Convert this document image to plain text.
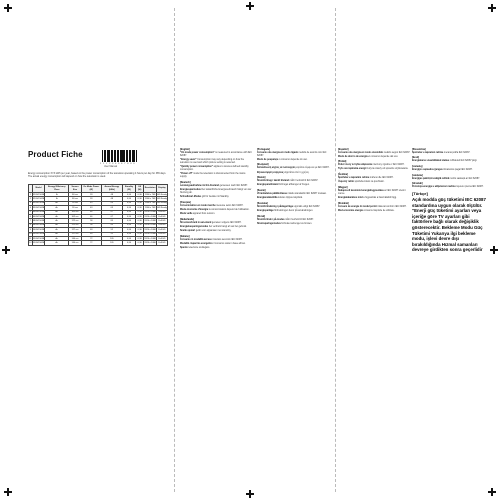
Product Fiche
1 1 1 2 3 4 5 6 7 8 9 0
User Manual
Energy consumption XYZ kWh per year, based on the power consumption of the television operating 4 hours per day for 365 days. The actual energy consumption will depend on how the television is used.
	Model	Energy Efficiency Class	Screen Size	On Mode Power (W)	Annual Energy (kWh)	Standby (W)	Off (W)	Resolution	Display
1	32GV1501B	A	80 cm	33	48	0,50	0,30	1366 x 768	HD Ready
2	32GV1502B	A	80 cm	33	48	0,50	0,30	1366 x 768	HD Ready
3	39GV1501B	A+	99 cm	43	63	0,50	0,30	1366 x 768	HD Ready
4	39GV1502B	A+	99 cm	43	63	0,50	0,30	1366 x 768	HD Ready
5	40GV1501B	A+	102 cm	46	67	0,50	0,30	1920 x 1080	Full HD
6	40GV1502B	A+	102 cm	46	67	0,50	0,30	1920 x 1080	Full HD
7	48GV1501B	A+	122 cm	58	85	0,50	0,30	1920 x 1080	Full HD
8	48GV1502B	A+	122 cm	58	85	0,50	0,30	1920 x 1080	Full HD
9	50GV1501B	A+	127 cm	63	92	0,50	0,30	1920 x 1080	Full HD
10	50GV1502B	A+	127 cm	63	92	0,50	0,30	1920 x 1080	Full HD
11	55GV1501B	A+	140 cm	72	105	0,50	0,30	1920 x 1080	Full HD
12	55GV1502B	A+	140 cm	72	105	0,50	0,30	1920 x 1080	Full HD
[English]

"On mode power consumption" is measured in accordance with IEC 62087.

"Energy saver" Consumption may vary depending on how the television is used and which picture setting is selected.

"Quickly power consumption" applies to devices defined standby consumption.

"Power off" mode the television is disconnected from the mains supply.

[Deutsch]

Leistungsaufnahme im Ein-Zustand gemessen nach IEC 62087.

Energiesparmodus Der tatsächliche Energieverbrauch hängt von der Nutzung ab.

Schnellstart-Modus gilt für Geräte mit Standby.

[Français]

Consommation en mode marche mesurée selon IEC 62087.

Mode économie d'énergie la consommation dépend de l'utilisation.

Mode veille appareil hors tension.

[Nederlands]

Stroomverbruik in aan-stand gemeten volgens IEC 62087.

Energiebesparingsmodus het verbruik hangt af van het gebruik.

Snelle opstart geldt voor apparaten met stand-by.

[Italiano]

Consumo in modalità acceso misurato secondo IEC 62087.

Modalità risparmio energetico il consumo varia in base all'uso.

Spento televisore scollegato.

[Português]

Consumo de energia em modo ligado medido de acordo com IEC 62087.

Modo de poupança o consumo depende do uso.

[Ελληνικά]

Κατανάλωση ισχύος σε λειτουργία μετράται σύμφωνα με IEC 62087.

Εξοικονόμηση ενέργειας εξαρτάται από τη χρήση.

[Dansk]

Strømforbrug i tændt tilstand målt i henhold til IEC 62087.

Energisparetilstand forbruget afhænger af brugen.

[Suomi]

Virrankulutus päällä-tilassa mitattu standardin IEC 62087 mukaan.

Energiansäästötila kulutus riippuu käytöstä.

[Svenska]

Strömförbrukning i påslaget läge uppmätt enligt IEC 62087.

Energisparläge förbrukningen beror på användningen.

[Norsk]

Strømforbruk i på-modus målt i henhold til IEC 62087.

Strømsparingsmodus forbruket avhenger av bruken.

[Español]

Consumo de energía en modo encendido medido según IEC 62087.

Modo de ahorro de energía el consumo depende del uso.

[Polski]

Pobór mocy w trybie włączenia mierzony zgodnie z IEC 62087.

Tryb oszczędzania energii zużycie zależy od sposobu użytkowania.

[Čeština]

Spotřeba v zapnutém režimu měřeno dle IEC 62087.

Úsporný režim spotřeba závisí na používání.

[Magyar]

Bekapcsolt üzemmód energiafogyasztása az IEC 62087 szerint mérve.

Energiatakarékos mód a fogyasztás a használattól függ.

[Română]

Consum de energie în modul pornit măsurat conform IEC 62087.

Mod economie energie consumul depinde de utilizare.

[Slovenčina]

Spotreba v zapnutom režime meraná podľa IEC 62087.

[Eesti]

Energiatarve sisselülitatud olekus mõõdetud IEC 62087 järgi.

[Lietuvių]

Energijos sąnaudos įjungus išmatuotos pagal IEC 62087.

[Latviešu]

Enerģijas patēriņš ieslēgtā režīmā mērīts saskaņā ar IEC 62087.

[Hrvatski]

Potrošnja energije u uključenom načinu mjereno prema IEC 62087.

[Türkçe]
Açık modda güç tüketimi IEC 62087 standardına uygun olarak ölçülür. "Enerji güç tüketimi ayarları veya içeriğe göre TV ayarları gibi faktörlere bağlı olarak değişiklik gösterecektir. Bekleme Modu Güç Tüketimi Yukarıya ilgi bekleme modu, işlevi devre dışı bırakıldığında Hızmal samanları devreye girdikten sonra geçerlidir
